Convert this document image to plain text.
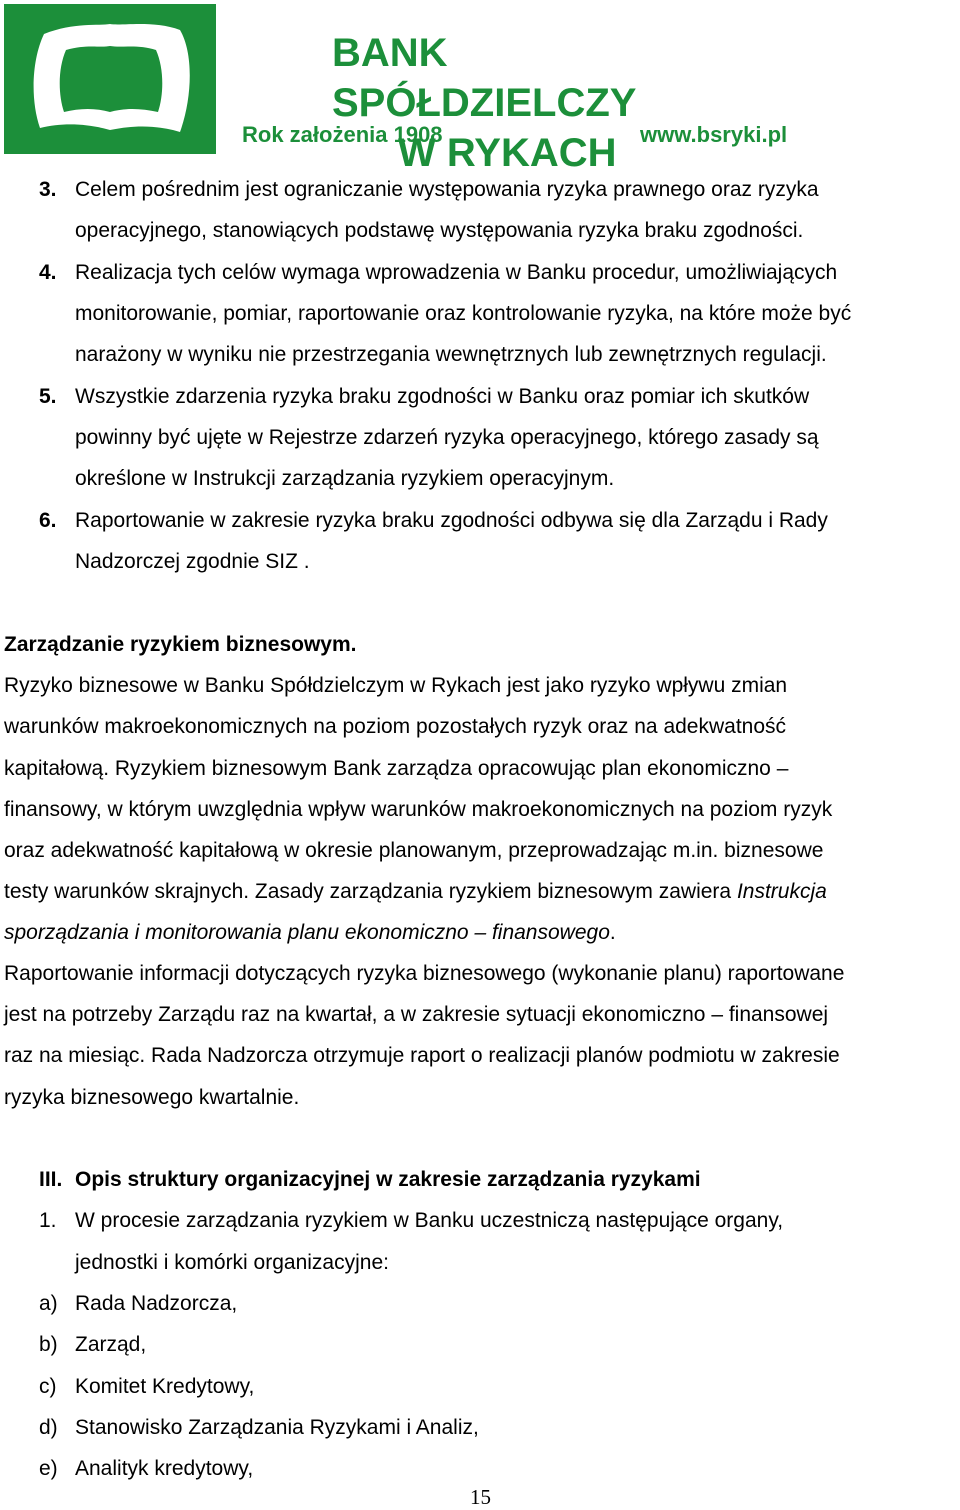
BANK SPÓŁDZIELCZY
W RYKACH
Rok założenia 1908	www.bsryki.pl
3. Celem pośrednim jest ograniczanie występowania ryzyka prawnego oraz ryzyka
operacyjnego, stanowiących podstawę występowania ryzyka braku zgodności.
4. Realizacja tych celów wymaga wprowadzenia w Banku procedur, umożliwiających
monitorowanie, pomiar, raportowanie oraz kontrolowanie ryzyka, na które może być
narażony w wyniku nie przestrzegania wewnętrznych lub zewnętrznych regulacji.
5. Wszystkie zdarzenia ryzyka braku zgodności w Banku oraz pomiar ich skutków
powinny być ujęte w Rejestrze zdarzeń ryzyka operacyjnego, którego zasady są
określone w Instrukcji zarządzania ryzykiem operacyjnym.
6. Raportowanie w zakresie ryzyka braku zgodności odbywa się dla Zarządu i Rady
Nadzorczej zgodnie SIZ .
Zarządzanie ryzykiem biznesowym.
Ryzyko biznesowe w Banku Spółdzielczym w Rykach jest jako ryzyko wpływu zmian
warunków makroekonomicznych na poziom pozostałych ryzyk oraz na adekwatność
kapitałową. Ryzykiem biznesowym Bank zarządza opracowując plan ekonomiczno –
finansowy, w którym uwzględnia wpływ warunków makroekonomicznych na poziom ryzyk
oraz adekwatność kapitałową w okresie planowanym, przeprowadzając m.in. biznesowe
testy warunków skrajnych. Zasady zarządzania ryzykiem biznesowym zawiera Instrukcja
sporządzania i monitorowania planu ekonomiczno – finansowego.
Raportowanie informacji dotyczących ryzyka biznesowego (wykonanie planu) raportowane
jest na potrzeby Zarządu raz na kwartał, a w zakresie sytuacji ekonomiczno – finansowej
raz na miesiąc. Rada Nadzorcza otrzymuje raport o realizacji planów podmiotu w zakresie
ryzyka biznesowego kwartalnie.
III. Opis struktury organizacyjnej w zakresie zarządzania ryzykami
1. W procesie zarządzania ryzykiem w Banku uczestniczą następujące organy,
jednostki i komórki organizacyjne:
a) Rada Nadzorcza,
b) Zarząd,
c) Komitet Kredytowy,
d) Stanowisko Zarządzania Ryzykami i Analiz,
e) Analityk kredytowy,
15
